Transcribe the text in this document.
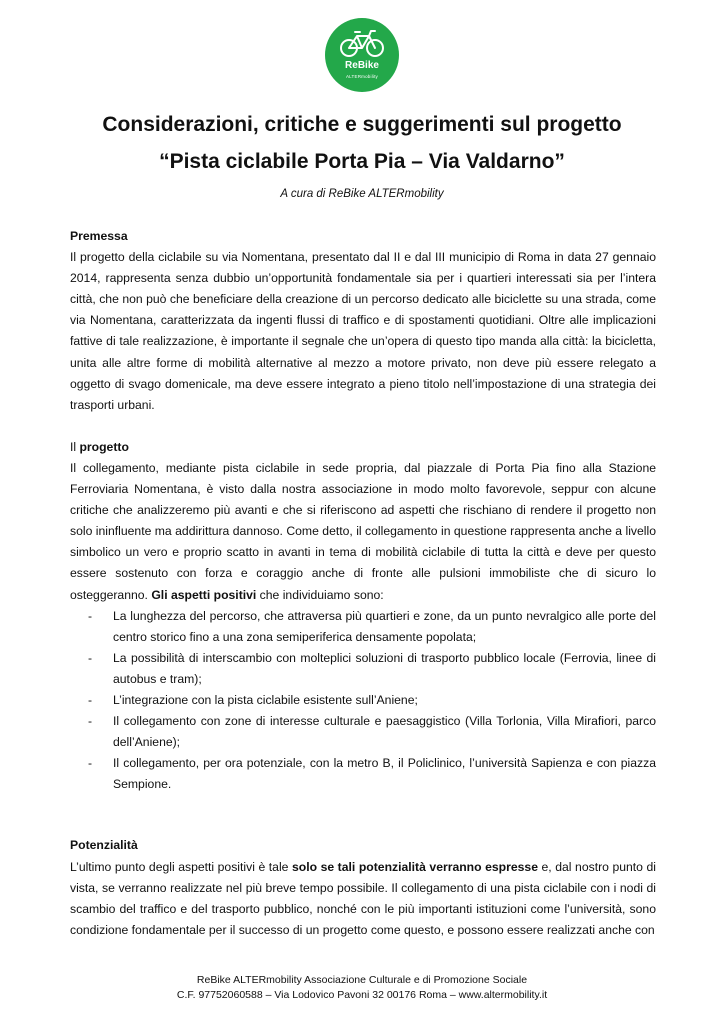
ReBike
ALTERmobility
Considerazioni, critiche e suggerimenti sul progetto
“Pista ciclabile Porta Pia – Via Valdarno”
A cura di ReBike ALTERmobility
Premessa

Il progetto della ciclabile su via Nomentana, presentato dal II e dal III municipio di Roma in data 27 gennaio 2014, rappresenta senza dubbio un’opportunità fondamentale sia per i quartieri interessati sia per l’intera città, che non può che beneficiare della creazione di un percorso dedicato alle biciclette su una strada, come via Nomentana, caratterizzata da ingenti flussi di traffico e di spostamenti quotidiani. Oltre alle implicazioni fattive di tale realizzazione, è importante il segnale che un’opera di questo tipo manda alla città: la bicicletta, unita alle altre forme di mobilità alternative al mezzo a motore privato, non deve più essere relegato a oggetto di svago domenicale, ma deve essere integrato a pieno titolo nell’impostazione di una strategia dei trasporti urbani.

Il progetto

Il collegamento, mediante pista ciclabile in sede propria, dal piazzale di Porta Pia fino alla Stazione Ferroviaria Nomentana, è visto dalla nostra associazione in modo molto favorevole, seppur con alcune critiche che analizzeremo più avanti e che si riferiscono ad aspetti che rischiano di rendere il progetto non solo ininfluente ma addirittura dannoso. Come detto, il collegamento in questione rappresenta anche a livello simbolico un vero e proprio scatto in avanti in tema di mobilità ciclabile di tutta la città e deve per questo essere sostenuto con forza e coraggio anche di fronte alle pulsioni immobiliste che di sicuro lo osteggeranno. Gli aspetti positivi che individuiamo sono:

- La lunghezza del percorso, che attraversa più quartieri e zone, da un punto nevralgico alle porte del centro storico fino a una zona semiperiferica densamente popolata;
- La possibilità di interscambio con molteplici soluzioni di trasporto pubblico locale (Ferrovia, linee di autobus e tram);
- L’integrazione con la pista ciclabile esistente sull’Aniene;
- Il collegamento con zone di interesse culturale e paesaggistico (Villa Torlonia, Villa Mirafiori, parco dell’Aniene);
- Il collegamento, per ora potenziale, con la metro B, il Policlinico, l’università Sapienza e con piazza Sempione.
Potenzialità

L’ultimo punto degli aspetti positivi è tale solo se tali potenzialità verranno espresse e, dal nostro punto di vista, se verranno realizzate nel più breve tempo possibile. Il collegamento di una pista ciclabile con i nodi di scambio del traffico e del trasporto pubblico, nonché con le più importanti istituzioni come l’università, sono condizione fondamentale per il successo di un progetto come questo, e possono essere realizzati anche con

ReBike ALTERmobility Associazione Culturale e di Promozione Sociale
C.F. 97752060588 – Via Lodovico Pavoni 32 00176 Roma – www.altermobility.it
